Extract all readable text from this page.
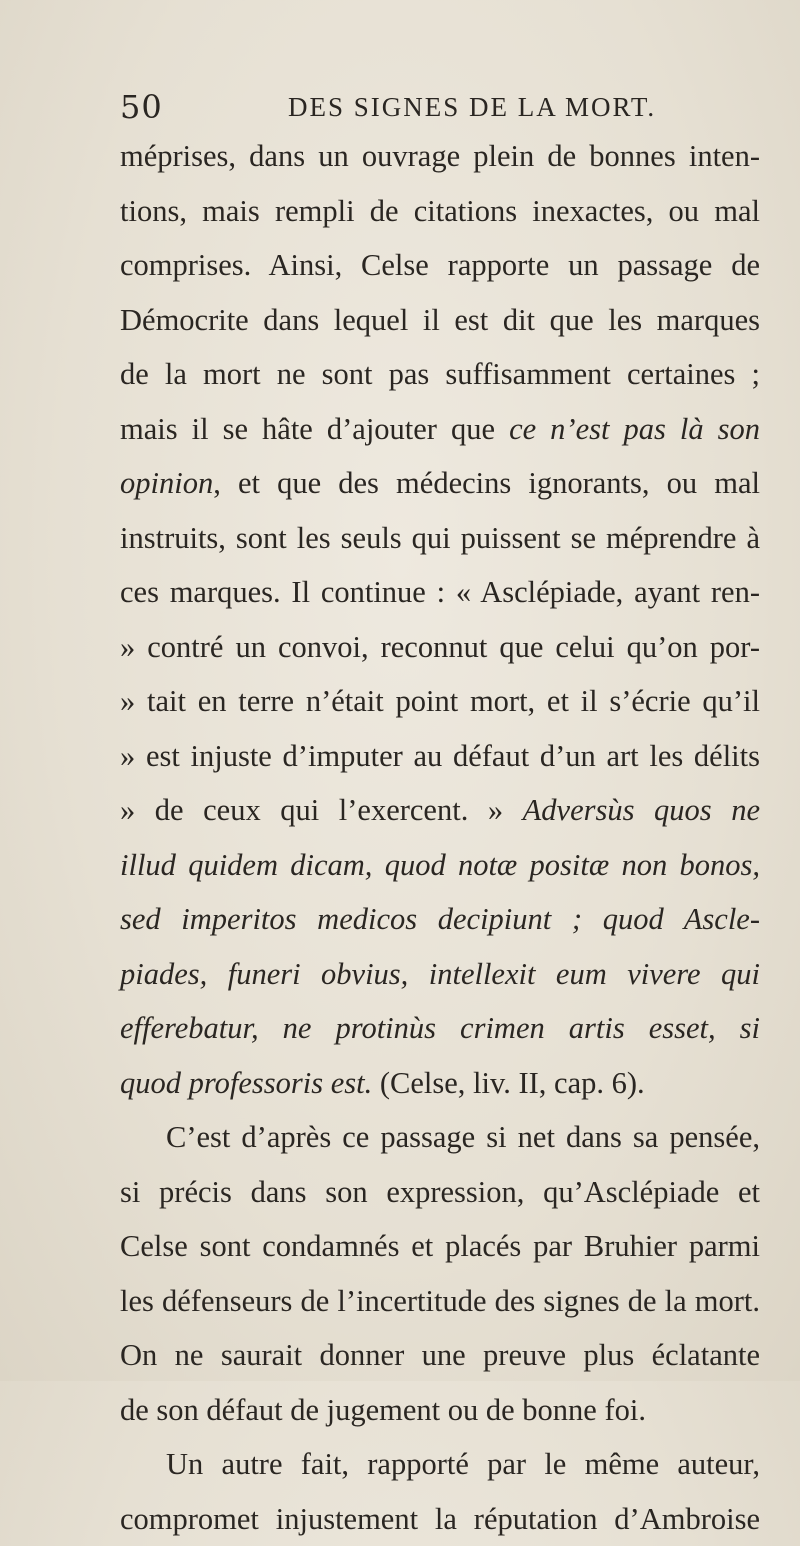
50	DES SIGNES DE LA MORT.
méprises, dans un ouvrage plein de bonnes inten-
tions, mais rempli de citations inexactes, ou mal
comprises. Ainsi, Celse rapporte un passage de
Démocrite dans lequel il est dit que les marques
de la mort ne sont pas suffisamment certaines ;
mais il se hâte d’ajouter que ce n’est pas là son
opinion, et que des médecins ignorants, ou mal
instruits, sont les seuls qui puissent se méprendre à
ces marques. Il continue : « Asclépiade, ayant ren-
» contré un convoi, reconnut que celui qu’on por-
» tait en terre n’était point mort, et il s’écrie qu’il
» est injuste d’imputer au défaut d’un art les délits
» de ceux qui l’exercent. » Adversùs quos ne
illud quidem dicam, quod notæ positæ non bonos,
sed imperitos medicos decipiunt ; quod Ascle-
piades, funeri obvius, intellexit eum vivere qui
efferebatur, ne protinùs crimen artis esset, si
quod professoris est. (Celse, liv. II, cap. 6).
C’est d’après ce passage si net dans sa pensée,
si précis dans son expression, qu’Asclépiade et
Celse sont condamnés et placés par Bruhier parmi
les défenseurs de l’incertitude des signes de la mort.
On ne saurait donner une preuve plus éclatante
de son défaut de jugement ou de bonne foi.
Un autre fait, rapporté par le même auteur,
compromet injustement la réputation d’Ambroise
